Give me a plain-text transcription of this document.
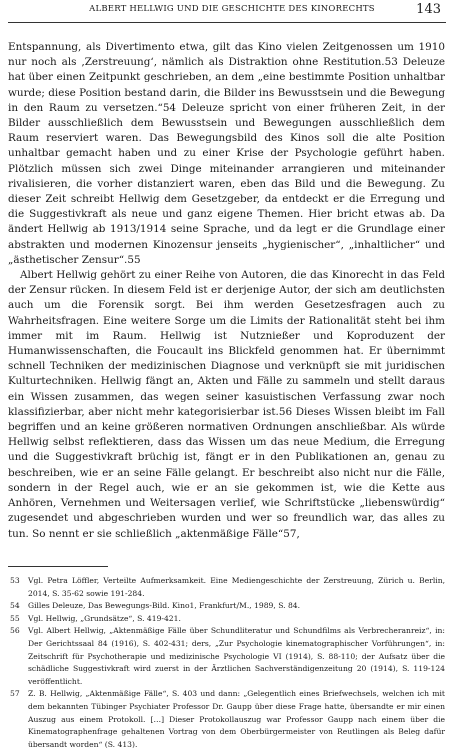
ALBERT HELLWIG UND DIE GESCHICHTE DES KINORECHTS	143

Entspannung, als Divertimento etwa, gilt das Kino vielen Zeitgenossen um 1910 nur noch als ‚Zerstreuung‘, nämlich als Distraktion ohne Restitution.53 Deleuze hat über einen Zeitpunkt geschrieben, an dem „eine bestimmte Position unhaltbar wurde; diese Position bestand darin, die Bilder ins Bewusstsein und die Bewegung in den Raum zu versetzen.“54 Deleuze spricht von einer früheren Zeit, in der Bilder ausschließlich dem Bewusstsein und Bewegungen ausschließlich dem Raum reserviert waren. Das Bewegungsbild des Kinos soll die alte Position unhaltbar gemacht haben und zu einer Krise der Psychologie geführt haben. Plötzlich müssen sich zwei Dinge miteinander arrangieren und miteinander rivalisieren, die vorher distanziert waren, eben das Bild und die Bewegung. Zu dieser Zeit schreibt Hellwig dem Gesetzgeber, da entdeckt er die Erregung und die Suggestivkraft als neue und ganz eigene Themen. Hier bricht etwas ab. Da ändert Hellwig ab 1913/1914 seine Sprache, und da legt er die Grundlage einer abstrakten und modernen Kinozensur jenseits „hygienischer“, „inhaltlicher“ und „ästhetischer Zensur“.55

Albert Hellwig gehört zu einer Reihe von Autoren, die das Kinorecht in das Feld der Zensur rücken. In diesem Feld ist er derjenige Autor, der sich am deutlichsten auch um die Forensik sorgt. Bei ihm werden Gesetzesfragen auch zu Wahrheitsfragen. Eine weitere Sorge um die Limits der Rationalität steht bei ihm immer mit im Raum. Hellwig ist Nutznießer und Koproduzent der Humanwissenschaften, die Foucault ins Blickfeld genommen hat. Er übernimmt schnell Techniken der medizinischen Diagnose und verknüpft sie mit juridischen Kulturtechniken. Hellwig fängt an, Akten und Fälle zu sammeln und stellt daraus ein Wissen zusammen, das wegen seiner kasuistischen Verfassung zwar noch klassifizierbar, aber nicht mehr kategorisierbar ist.56 Dieses Wissen bleibt im Fall begriffen und an keine größeren normativen Ordnungen anschließbar. Als würde Hellwig selbst reflektieren, dass das Wissen um das neue Medium, die Erregung und die Suggestivkraft brüchig ist, fängt er in den Publikationen an, genau zu beschreiben, wie er an seine Fälle gelangt. Er beschreibt also nicht nur die Fälle, sondern in der Regel auch, wie er an sie gekommen ist, wie die Kette aus Anhören, Vernehmen und Weitersagen verlief, wie Schriftstücke „liebenswürdig“ zugesendet und abgeschrieben wurden und wer so freundlich war, das alles zu tun. So nennt er sie schließlich „aktenmäßige Fälle“57,

53	Vgl. Petra Löffler, Verteilte Aufmerksamkeit. Eine Mediengeschichte der Zerstreuung, Zürich u. Berlin, 2014, S. 35-62 sowie 191-284.
54	Gilles Deleuze, Das Bewegungs-Bild. Kino1, Frankfurt/M., 1989, S. 84.
55	Vgl. Hellwig, „Grundsätze“, S. 419-421.
56	Vgl. Albert Hellwig, „Aktenmäßige Fälle über Schundliteratur und Schundfilms als Verbrecheranreiz“, in: Der Gerichtssaal 84 (1916), S. 402-431; ders, „Zur Psychologie kinematographischer Vorführungen“, in: Zeitschrift für Psychotherapie und medizinische Psychologie VI (1914), S. 88-110; der Aufsatz über die schädliche Suggestivkraft wird zuerst in der Ärztlichen Sachverständigenzeitung 20 (1914), S. 119-124 veröffentlicht.
57	Z. B. Hellwig, „Aktenmäßige Fälle“, S. 403 und dann: „Gelegentlich eines Briefwechsels, welchen ich mit dem bekannten Tübinger Psychiater Professor Dr. Gaupp über diese Frage hatte, übersandte er mir einen Auszug aus einem Protokoll. […] Dieser Protokollauszug war Professor Gaupp nach einem über die Kinematographenfrage gehaltenen Vortrag von dem Oberbürgermeister von Reutlingen als Beleg dafür übersandt worden“ (S. 413).
